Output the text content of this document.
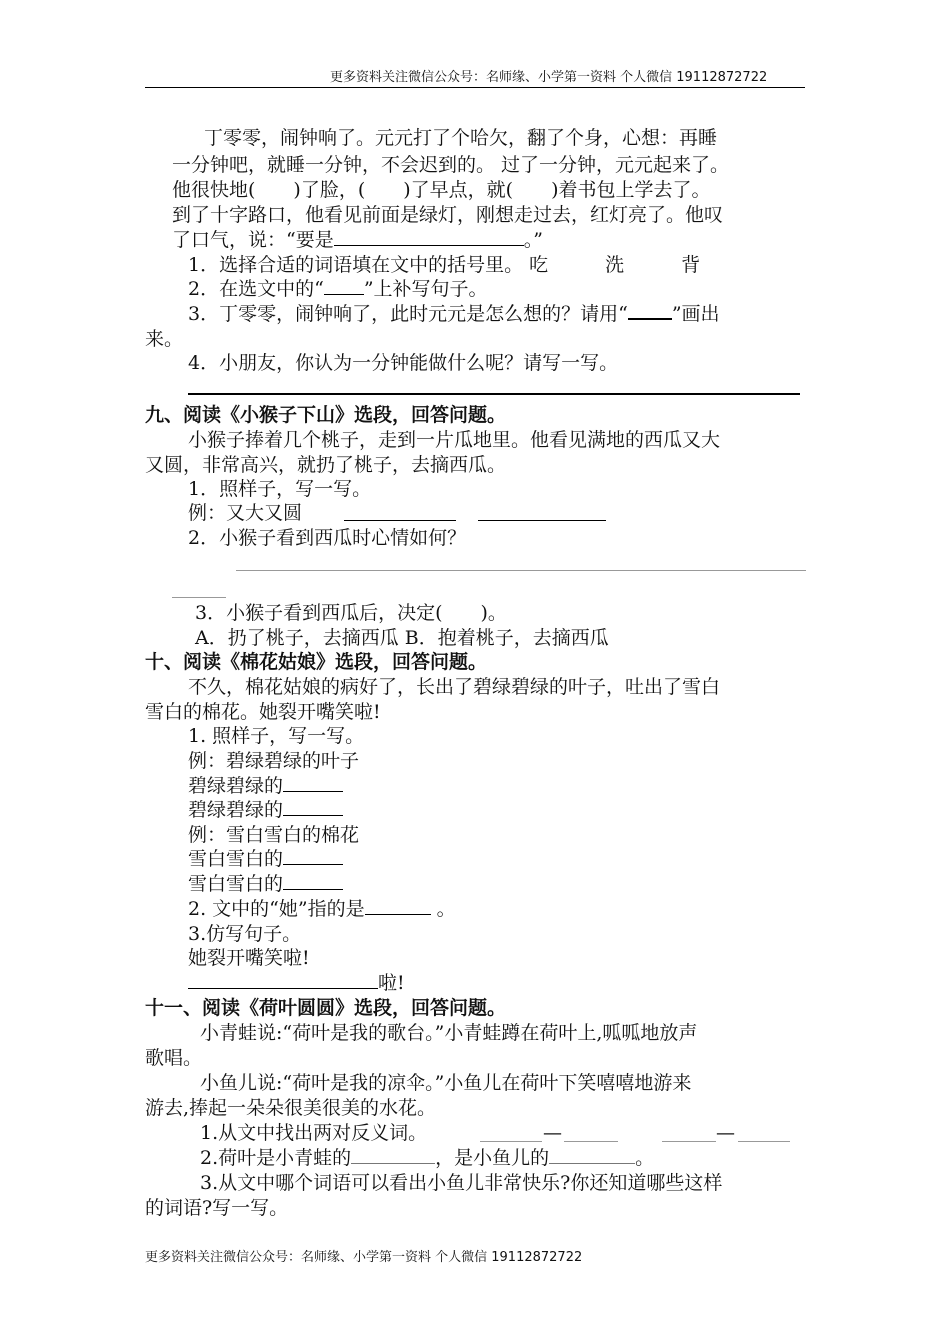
更多资料关注微信公众号：名师缘、小学第一资料 个人微信 19112872722
丁零零，闹钟响了。元元打了个哈欠，翻了个身，心想：再睡
一分钟吧，就睡一分钟，不会迟到的。 过了一分钟，元元起来了。
他很快地(　　)了脸，(　　)了早点，就(　　)着书包上学去了。
到了十字路口，他看见前面是绿灯，刚想走过去，红灯亮了。他叹
了口气，说：“要是	。”
1．选择合适的词语填在文中的括号里。 吃　　　洗　　　背
2．在选文中的“ ”上补写句子。
3．丁零零，闹钟响了，此时元元是怎么想的？请用“ ”画出
来。
4．小朋友，你认为一分钟能做什么呢？请写一写。
九、阅读《小猴子下山》选段，回答问题。
小猴子捧着几个桃子，走到一片瓜地里。他看见满地的西瓜又大
又圆，非常高兴，就扔了桃子，去摘西瓜。
1．照样子，写一写。
例：又大又圆
2．小猴子看到西瓜时心情如何？
3．小猴子看到西瓜后，决定(　　)。
A．扔了桃子，去摘西瓜 B．抱着桃子，去摘西瓜
十、阅读《棉花姑娘》选段，回答问题。
不久，棉花姑娘的病好了，长出了碧绿碧绿的叶子，吐出了雪白
雪白的棉花。她裂开嘴笑啦!
1. 照样子，写一写。
例：碧绿碧绿的叶子
碧绿碧绿的
碧绿碧绿的
例：雪白雪白的棉花
雪白雪白的
雪白雪白的
2. 文中的“她”指的是	。
3.仿写句子。
她裂开嘴笑啦!
啦!
十一、阅读《荷叶圆圆》选段，回答问题。
小青蛙说:“荷叶是我的歌台。”小青蛙蹲在荷叶上,呱呱地放声
歌唱。
小鱼儿说:“荷叶是我的凉伞。”小鱼儿在荷叶下笑嘻嘻地游来
游去,捧起一朵朵很美很美的水花。
1.从文中找出两对反义词。	—	—
2.荷叶是小青蛙的	，是小鱼儿的	。
3.从文中哪个词语可以看出小鱼儿非常快乐?你还知道哪些这样
的词语?写一写。
更多资料关注微信公众号：名师缘、小学第一资料 个人微信 19112872722
